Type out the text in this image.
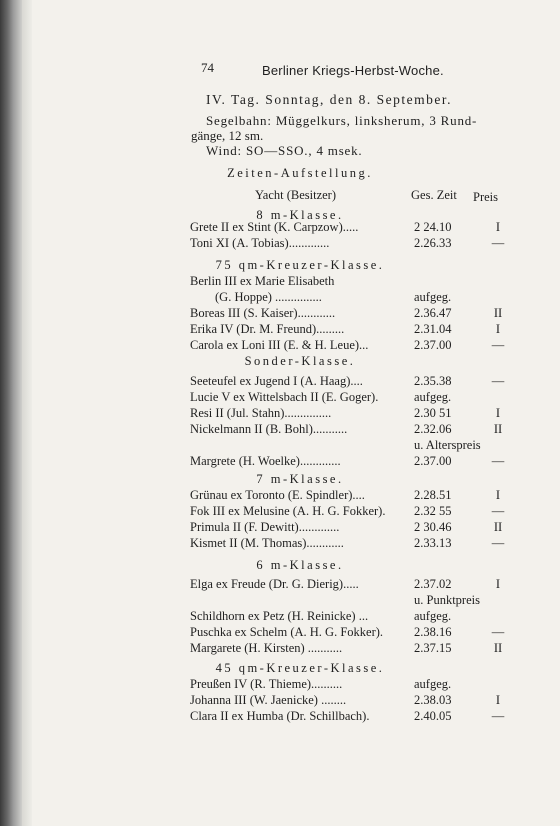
74	Berliner Kriegs-Herbst-Woche.
IV. Tag. Sonntag, den 8. September.
Segelbahn: Müggelkurs, linksherum, 3 Rund-
gänge, 12 sm.
Wind: SO—SSO., 4 msek.
Zeiten-Aufstellung.
Yacht (Besitzer)	Ges. Zeit Preis
8 m-Klasse.
Grete II ex Stint (K. Carpzow).....	2 24.10	I
Toni XI (A. Tobias).............	2.26.33	—
75 qm-Kreuzer-Klasse.
Berlin III ex Marie Elisabeth
(G. Hoppe) ...............	aufgeg.
Boreas III (S. Kaiser)............	2.36.47	II
Erika IV (Dr. M. Freund).........	2.31.04	I
Carola ex Loni III (E. & H. Leue)...	2.37.00	—
Sonder-Klasse.
Seeteufel ex Jugend I (A. Haag)....	2.35.38	—
Lucie V ex Wittelsbach II (E. Goger).	aufgeg.
Resi II (Jul. Stahn)...............	2.30 51	I
Nickelmann II (B. Bohl)...........	2.32.06	II
u. Alterspreis
Margrete (H. Woelke).............	2.37.00	—
7 m-Klasse.
Grünau ex Toronto (E. Spindler)....	2.28.51	I
Fok III ex Melusine (A. H. G. Fokker). 2.32 55	—
Primula II (F. Dewitt).............	2 30.46	II
Kismet II (M. Thomas)............	2.33.13	—
6 m-Klasse.
Elga ex Freude (Dr. G. Dierig).....	2.37.02	I
u. Punktpreis
Schildhorn ex Petz (H. Reinicke) ...	aufgeg.
Puschka ex Schelm (A. H. G. Fokker). 2.38.16	—
Margarete (H. Kirsten) ...........	2.37.15	II
45 qm-Kreuzer-Klasse.
Preußen IV (R. Thieme)..........	aufgeg.
Johanna III (W. Jaenicke) ........	2.38.03	I
Clara II ex Humba (Dr. Schillbach).	2.40.05	—
